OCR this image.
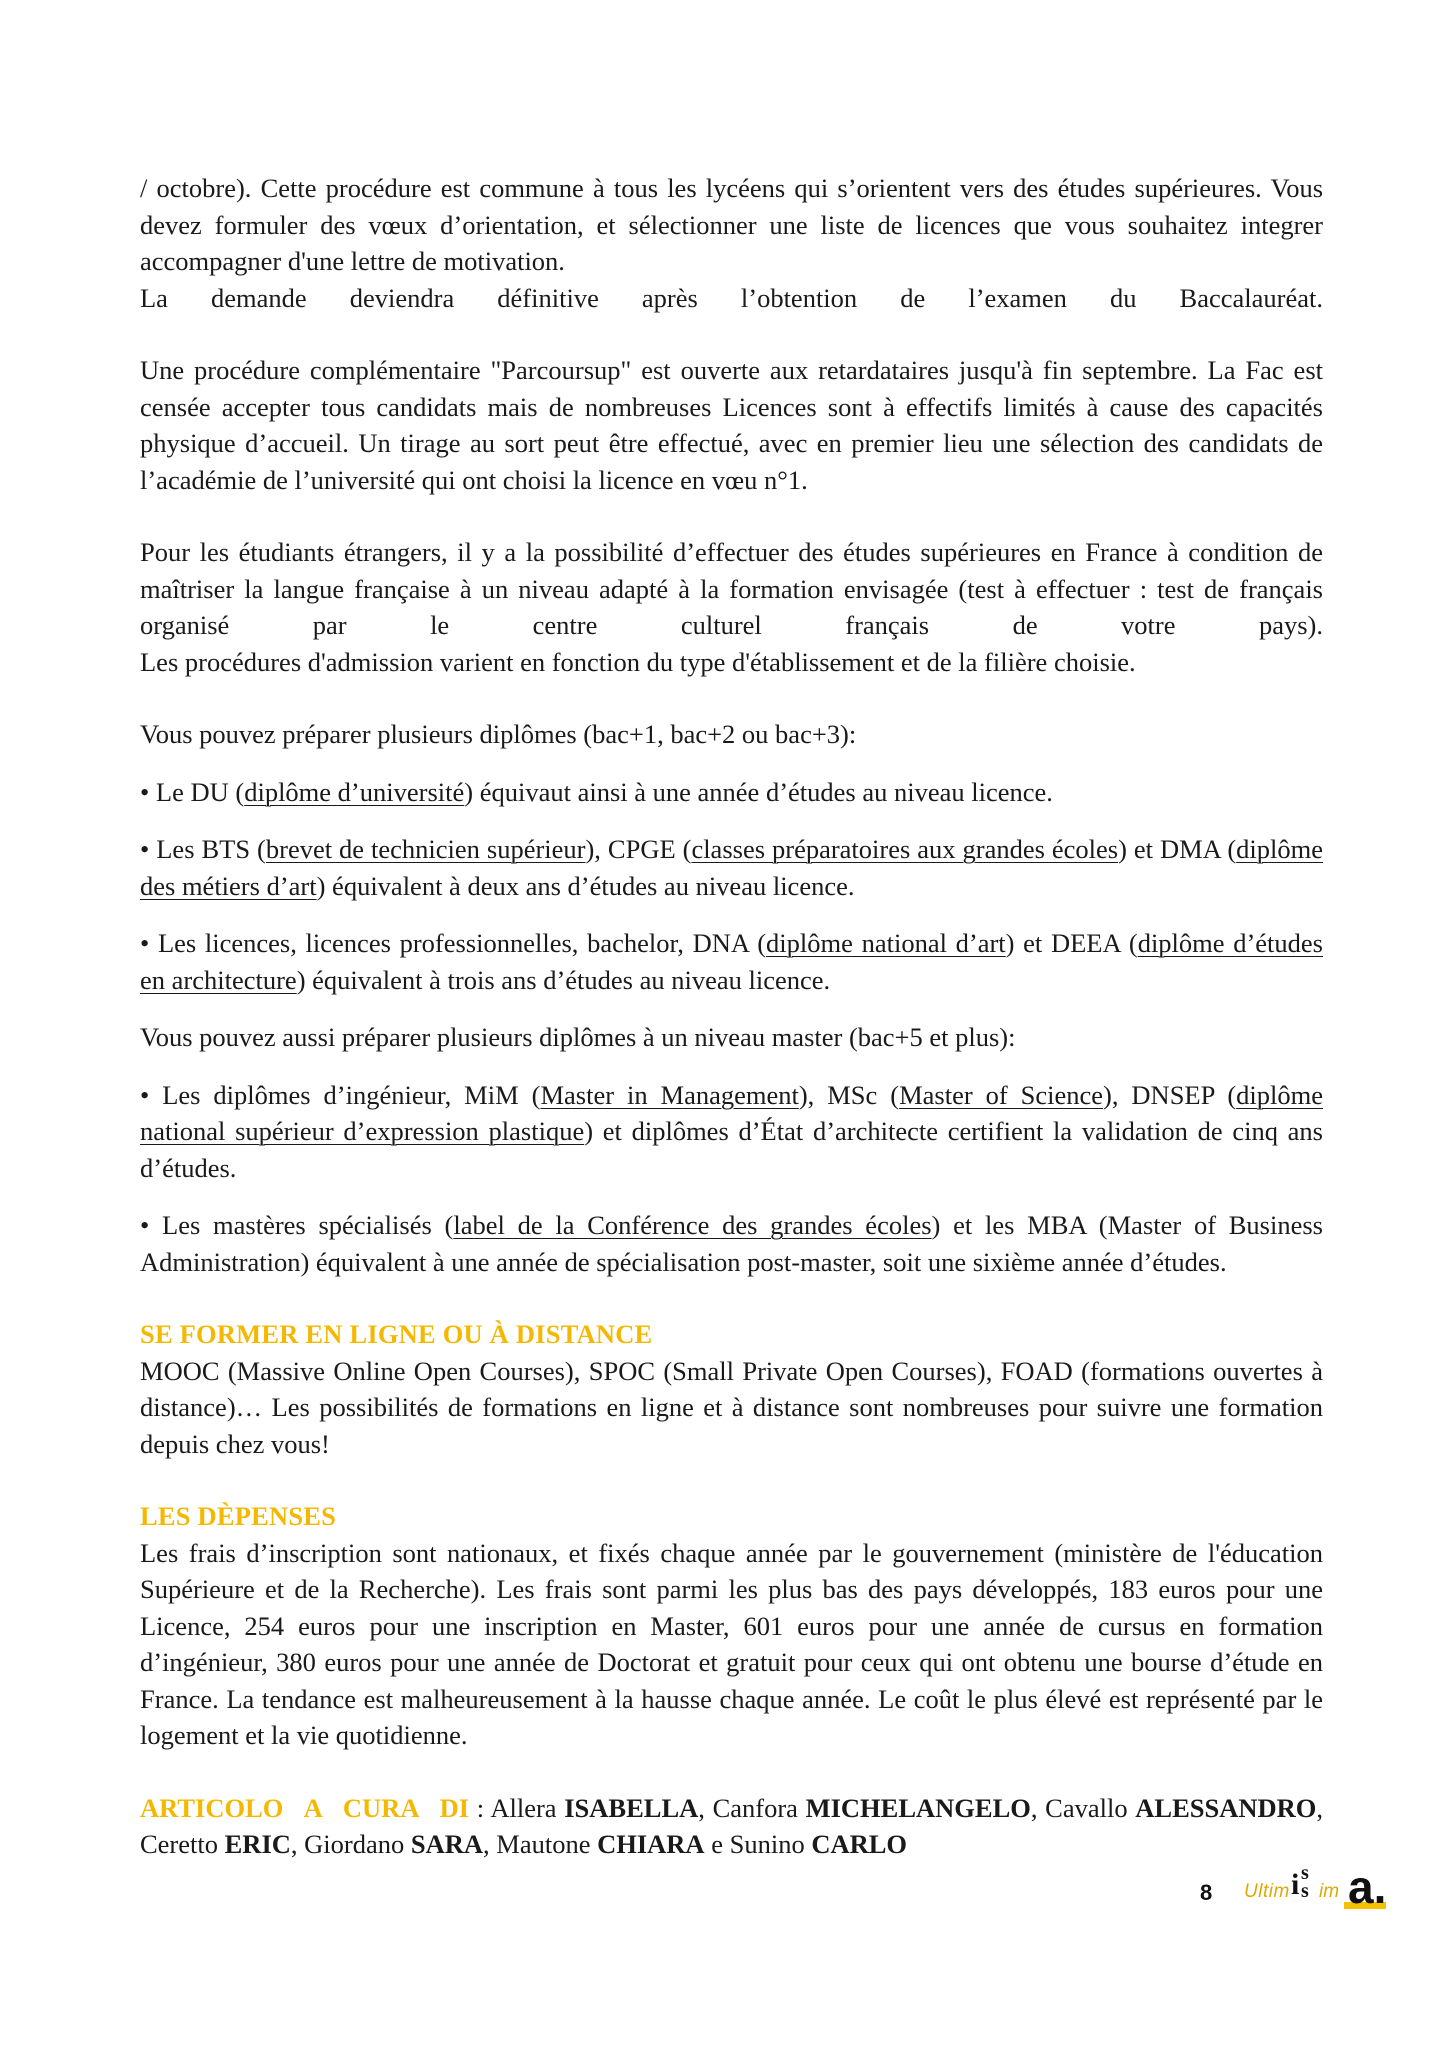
/ octobre). Cette procédure est commune à tous les lycéens qui s’orientent vers des études supérieures. Vous devez formuler des vœux d’orientation, et sélectionner une liste de licences que vous souhaitez integrer accompagner d'une lettre de motivation.

La demande deviendra définitive après l’obtention de l’examen du Baccalauréat.

Une procédure complémentaire "Parcoursup" est ouverte aux retardataires jusqu'à fin septembre. La Fac est censée accepter tous candidats mais de nombreuses Licences sont à effectifs limités à cause des capacités physique d’accueil. Un tirage au sort peut être effectué, avec en premier lieu une sélection des candidats de l’académie de l’université qui ont choisi la licence en vœu n°1.

Pour les étudiants étrangers, il y a la possibilité d’effectuer des études supérieures en France à condition de maîtriser la langue française à un niveau adapté à la formation envisagée (test à effectuer : test de français organisé par le centre culturel français de votre pays).

Les procédures d'admission varient en fonction du type d'établissement et de la filière choisie.

Vous pouvez préparer plusieurs diplômes (bac+1, bac+2 ou bac+3):

• Le DU (diplôme d’université) équivaut ainsi à une année d’études au niveau licence.

• Les BTS (brevet de technicien supérieur), CPGE (classes préparatoires aux grandes écoles) et DMA (diplôme des métiers d’art) équivalent à deux ans d’études au niveau licence.

• Les licences, licences professionnelles, bachelor, DNA (diplôme national d’art) et DEEA (diplôme d’études en architecture) équivalent à trois ans d’études au niveau licence.

Vous pouvez aussi préparer plusieurs diplômes à un niveau master (bac+5 et plus):

• Les diplômes d’ingénieur, MiM (Master in Management), MSc (Master of Science), DNSEP (diplôme national supérieur d’expression plastique) et diplômes d’État d’architecte certifient la validation de cinq ans d’études.

• Les mastères spécialisés (label de la Conférence des grandes écoles) et les MBA (Master of Business Administration) équivalent à une année de spécialisation post-master, soit une sixième année d’études.

SE FORMER EN LIGNE OU À DISTANCE

MOOC (Massive Online Open Courses), SPOC (Small Private Open Courses), FOAD (formations ouvertes à distance)… Les possibilités de formations en ligne et à distance sont nombreuses pour suivre une formation depuis chez vous!

LES DÈPENSES

Les frais d’inscription sont nationaux, et fixés chaque année par le gouvernement (ministère de l'éducation Supérieure et de la Recherche). Les frais sont parmi les plus bas des pays développés, 183 euros pour une Licence, 254 euros pour une inscription en Master, 601 euros pour une année de cursus en formation d’ingénieur, 380 euros pour une année de Doctorat et gratuit pour ceux qui ont obtenu une bourse d’étude en France. La tendance est malheureusement à la hausse chaque année. Le coût le plus élevé est représenté par le logement et la vie quotidienne.

ARTICOLO A CURA DI : Allera ISABELLA, Canfora MICHELANGELO, Cavallo ALESSANDRO, Ceretto ERIC, Giordano SARA, Mautone CHIARA e Sunino CARLO

8 Ultim i s
s im a.
